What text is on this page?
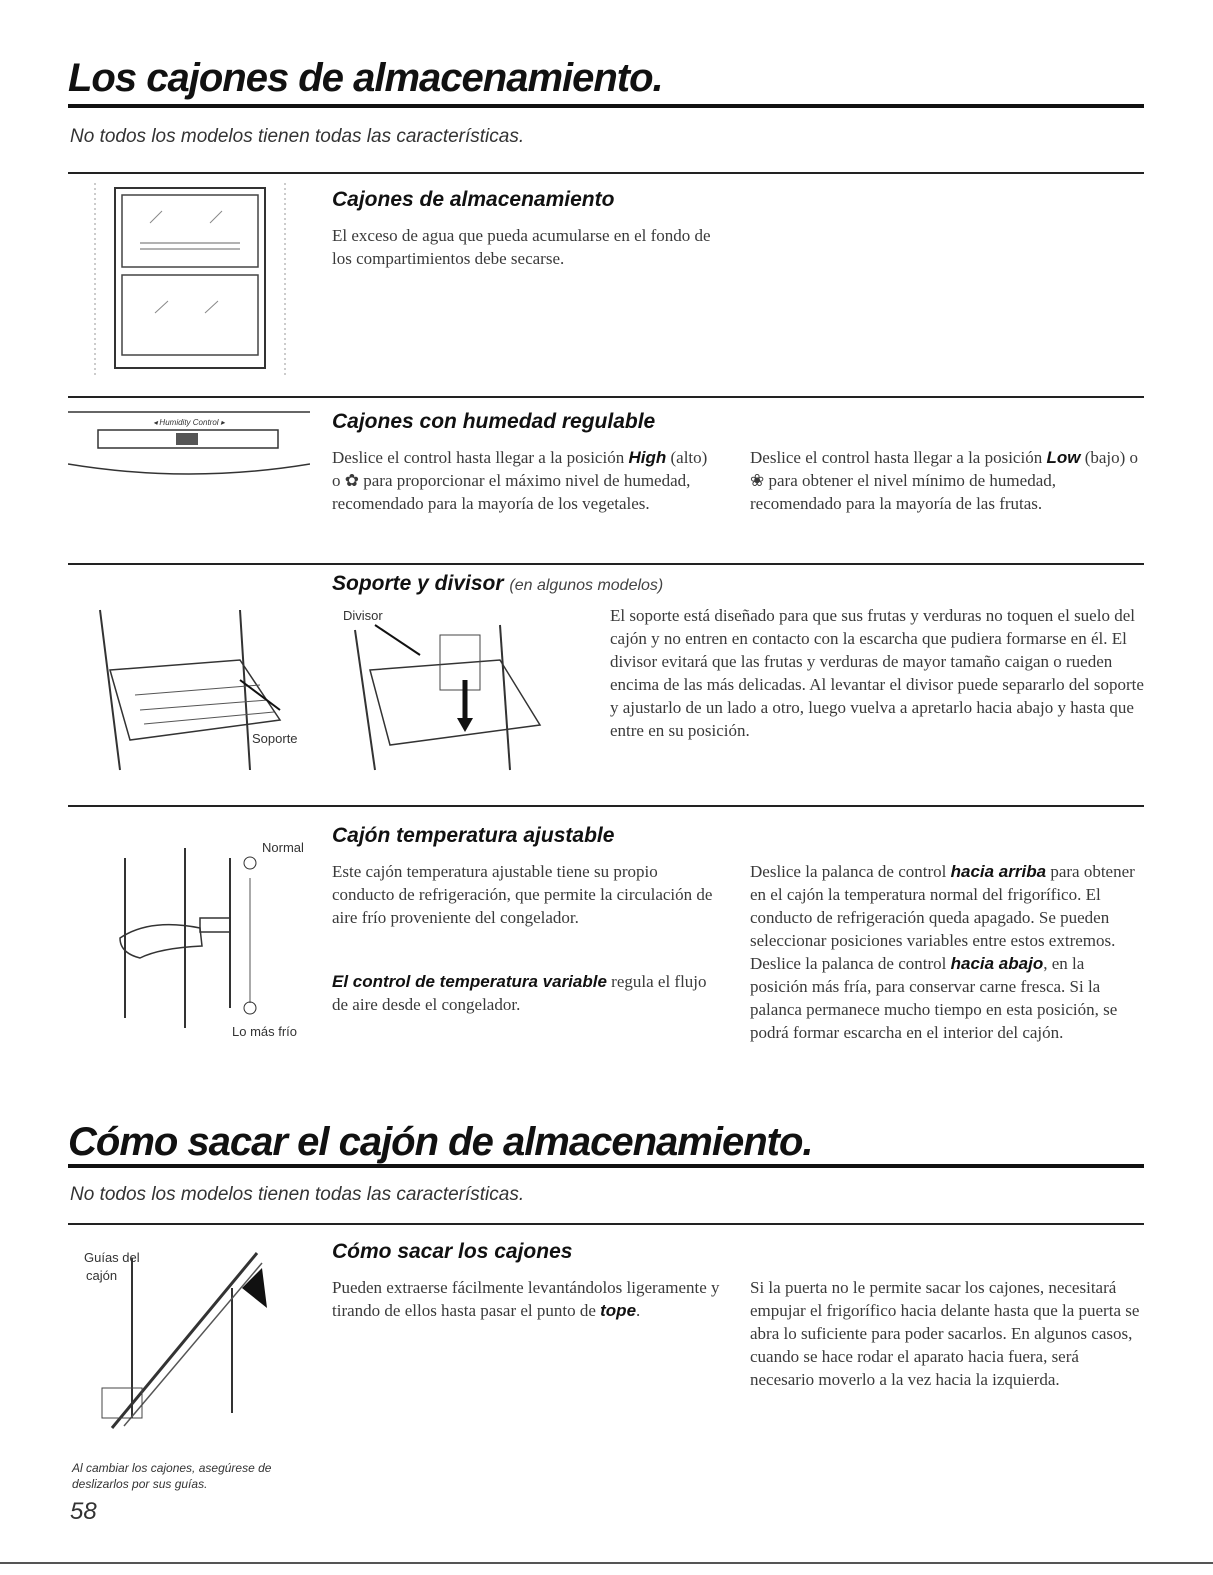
Los cajones de almacenamiento.
No todos los modelos tienen todas las características.
Cajones de almacenamiento

El exceso de agua que pueda acumularse en el fondo de los compartimientos debe secarse.

◂ Humidity Control ▸	Cajones con humedad regulable

Deslice el control hasta llegar a la posición High (alto) o ✿ para proporcionar el máximo nivel de humedad, recomendado para la mayoría de los vegetales.

Deslice el control hasta llegar a la posición Low (bajo) o ❀ para obtener el nivel mínimo de humedad, recomendado para la mayoría de las frutas.

Soporte y divisor (en algunos modelos)
Soporte
Divisor	El soporte está diseñado para que sus frutas y verduras no toquen el suelo del cajón y no entren en contacto con la escarcha que pudiera formarse en él. El divisor evitará que las frutas y verduras de mayor tamaño caigan o rueden encima de las más delicadas. Al levantar el divisor puede separarlo del soporte y ajustarlo de un lado a otro, luego vuelva a apretarlo hacia abajo y hasta que entre en su posición.

Normal
Lo más frío
Cajón temperatura ajustable

Este cajón temperatura ajustable tiene su propio conducto de refrigeración, que permite la circulación de aire frío proveniente del congelador.

El control de temperatura variable regula el flujo de aire desde el congelador.

Deslice la palanca de control hacia arriba para obtener en el cajón la temperatura normal del frigorífico. El conducto de refrigeración queda apagado. Se pueden seleccionar posiciones variables entre estos extremos. Deslice la palanca de control hacia abajo, en la posición más fría, para conservar carne fresca. Si la palanca permanece mucho tiempo en esta posición, se podrá formar escarcha en el interior del cajón.

Cómo sacar el cajón de almacenamiento.
No todos los modelos tienen todas las características.
Guías del
cajón
Cómo sacar los cajones

Pueden extraerse fácilmente levantándolos ligeramente y tirando de ellos hasta pasar el punto de tope.

Si la puerta no le permite sacar los cajones, necesitará empujar el frigorífico hacia delante hasta que la puerta se abra lo suficiente para poder sacarlos. En algunos casos, cuando se hace rodar el aparato hacia fuera, será necesario moverlo a la vez hacia la izquierda.

Al cambiar los cajones, asegúrese de deslizarlos por sus guías.

58
